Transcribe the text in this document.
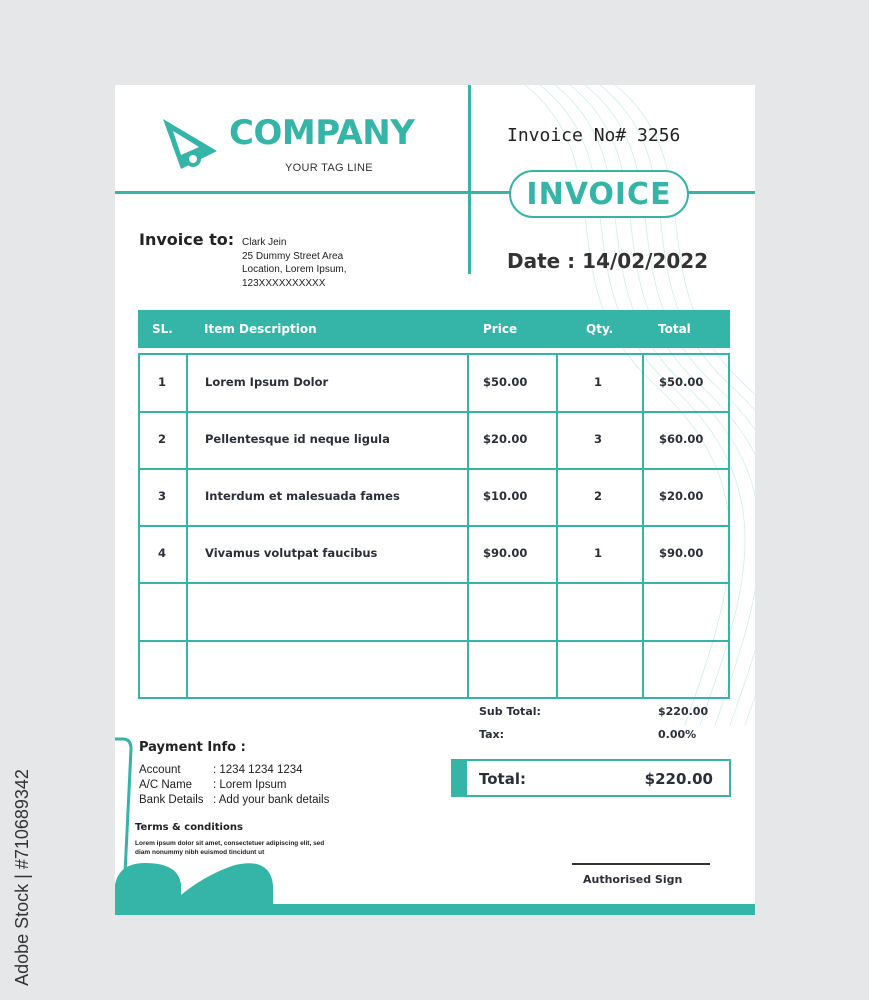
Adobe Stock | #710689342
COMPANY
YOUR TAG LINE
Invoice No# 3256
INVOICE
Date : 14/02/2022
Invoice to: Clark Jein
25 Dummy Street Area
Location, Lorem Ipsum,
123XXXXXXXXXX
SL.	Item Description	Price	Qty.	Total
1	Lorem Ipsum Dolor	$50.00	1	$50.00
2	Pellentesque id neque ligula	$20.00	3	$60.00
3	Interdum et malesuada fames	$10.00	2	$20.00
4	Vivamus volutpat faucibus	$90.00	1	$90.00
Sub Total:	$220.00
Tax:	0.00%
Total:	$220.00
Payment Info :
Account	: 1234 1234 1234
A/C Name : Lorem Ipsum
Bank Details : Add your bank details
Terms & conditions
Lorem ipsum dolor sit amet, consectetuer adipiscing elit, sed diam nonummy nibh euismod tincidunt ut
Authorised Sign
